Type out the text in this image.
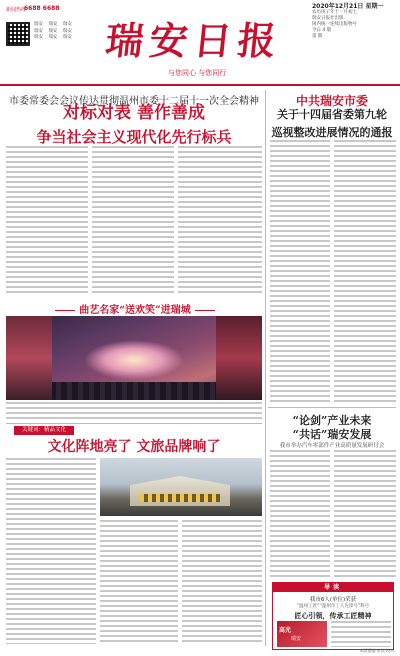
新闻热线
6688 6688
瑞安 瑞安 瑞安 瑞安 瑞安 瑞安 瑞安 瑞安 瑞安 瑞安日报
与您同心 与您同行
2020年12月21日 星期一
农历庚子年十一月初七
瑞安日报社出版
国内统一连续出版物号
今日 4 版
第 期
市委常委会会议传达贯彻温州市委十二届十一次全会精神
对标对表 善作善成
争当社会主义现代化先行标兵
曲艺名家“送欢笑”进瑞城
关键词：精品文化
文化阵地亮了 文旅品牌响了
中共瑞安市委
关于十四届省委第九轮
巡视整改进展情况的通报
“论剑”产业未来
“共话”瑞安发展
我市举办汽车零部件产业高质量发展研讨会
导读
我市6人(单位)荣获
“温州工匠”“温州市工人先锋号”称号
匠心引领，传承工匠精神
高光
瑞安
本版责编 审读 校对
